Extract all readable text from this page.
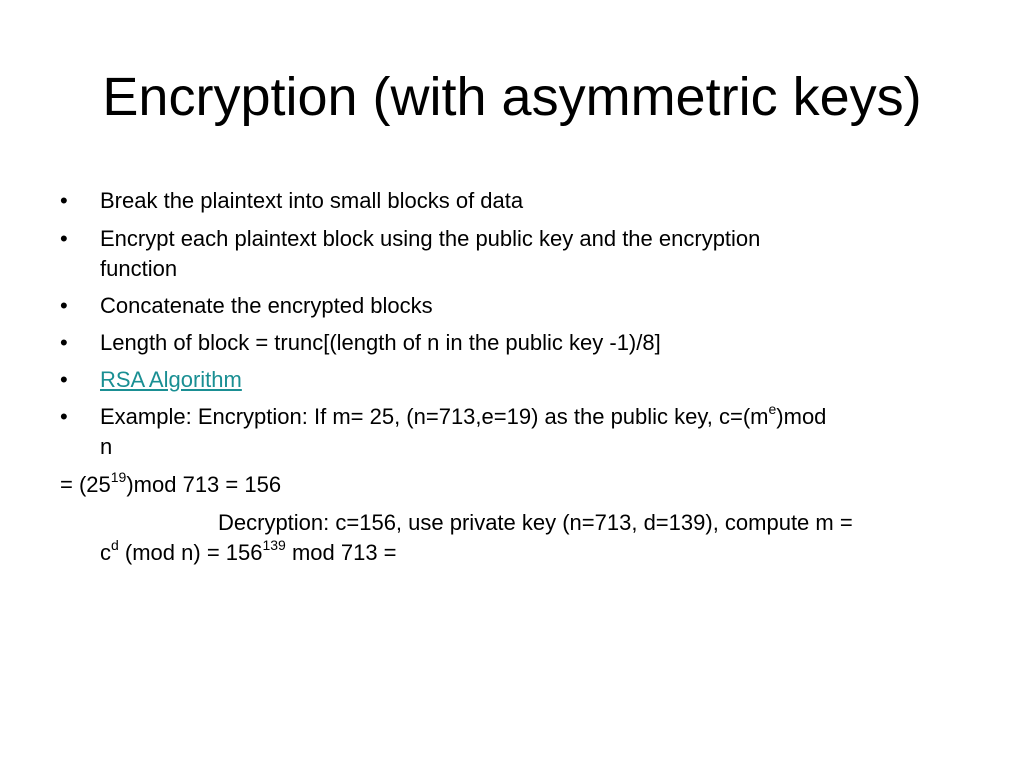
Encryption (with asymmetric keys)
•	Break the plaintext into small blocks of data
•	Encrypt each plaintext block using the public key and the encryption
function
•	Concatenate the encrypted blocks
•	Length of block = trunc[(length of n in the public key -1)/8]
•	RSA Algorithm
•	Example: Encryption: If m= 25, (n=713,e=19) as the public key, $c=(m^e)mod$
n
= $(25^{19})mod$ 713 = 156
Decryption: c=156, use private key (n=713, d=139), compute m =
$c^d$ (mod $n) = 156^{139}$ mod 713 =
